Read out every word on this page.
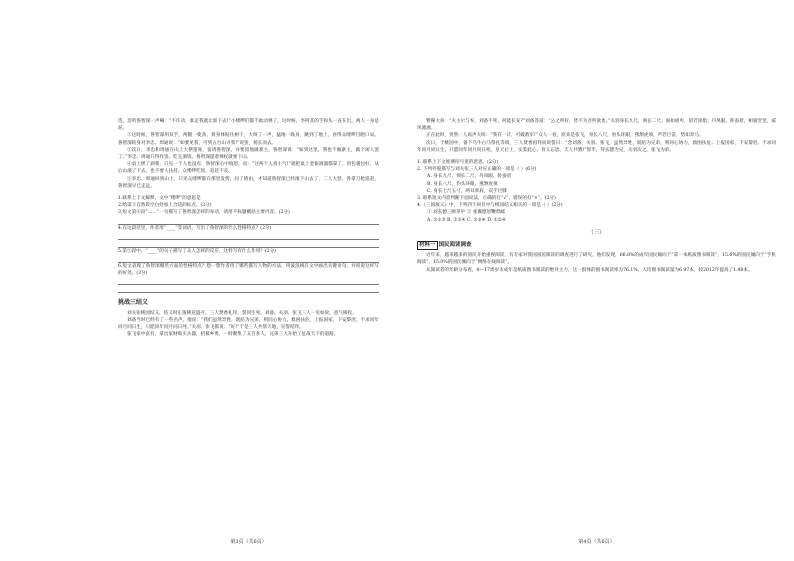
选，忽听鲁智深一声喊：“不许动，谁走我就让谁下去!”小喽啰们都不敢动弹了，这时候，李阿其的手和头一直在出，两人一身是泥。

②这时候，鲁智深用双手，两腿一使劲，将身体贴住树干，大叫了一声，猛地一纵身，跳到了地上，看得众喽啰目瞪口呆。鲁智深转身对李忠、周通说：“如要见我，可到五台山寻我!”说罢，扬长而去。

⑤次日，李忠和周通在山上大摆筵席，宴请鲁智深，并要留他做寨主。鲁智深说：“如到这里，我也不做寨主，做个闲人罢了。”李忠、周通只得作罢。吃完酒饭，鲁智深提着禅杖就要下山。

④桌上摆了酒菜，只见一个人也没有，鲁智深心中恼怒，说：“这两个人真小气!”就把桌上金银酒器都拿了，用包裹包好，从后山滚了下去，也不要人扶持。众喽啰吃惊，追赶不及。

⑤李忠、周通回到山上，只见众喽啰都在那里发愣，问了情由，才知道鲁智深已经滚下山去了，二人大怒，各拿刀枪追赶，鲁智深早已走远。

1.联系上下文解释，文中“喽啰”的意思是

2.给第②自然段空白处加上合适的标点。(3分)

3.短文第④段“……”一句描写了鲁智深怎样的举动，请用不标题概括主要内容。(2分)

4.在这段话里，作者用“____”等词语，写出了鲁智深的什么性格特点？(2分)

5.第⑤段中，“____”的句子描写了众人怎样的反应，这样写有什么作用？(2分)

6.短文表现了鲁智深哪些方面的性格特点？想一想作者用了哪些描写人物的方法，用波浪线在文中画出关键语句，并说说这样写的好处。(3分)

挑战三结义

刘关张桃园结义，结义时正值桃花盛开，三人焚香礼拜，誓同生死。刘备、关羽、张飞三人一见如故，意气相投。

刘备当时已经有了一些名声，他说：“我们虽然异姓，既结为兄弟，则同心协力，救困扶危，上报国家，下安黎庶。不求同年同月同日生，只愿同年同月同日死。”关羽、张飞都说：“好!”于是三人共祭天地，宣誓结拜。

张飞家中富有，拿出家财购买兵器，招募乡勇，一时聚集了五百多人，兄弟三人开始了征战天下的道路。

第3页（共6页）

曹操大喜：“夫主尔与弃，刘备不死，何能长安?”刘备答道：“公之所好，皆不为吾所欲也。”关羽身长九尺，须长二尺；面如重枣，唇若涂脂；丹凤眼，卧蚕眉，相貌堂堂，威风凛凛。

正在此时，突然一人高声大叫：“我有一计，可破敌军!”众人一看，原来是张飞，身长八尺，豹头环眼，燕颔虎须，声若巨雷，势如奔马。

次日，于桃园中，备下乌牛白马祭礼等项，三人焚香再拜而说誓曰：“念刘备、关羽、张飞，虽然异姓，既结为兄弟，则同心协力，救困扶危；上报国家，下安黎庶。不求同年同月同日生，只愿同年同月同日死。皇天后土，实鉴此心，背义忘恩，天人共戮!”誓毕，拜玄德为兄，关羽次之，张飞为弟。

1. 联系上下文推测括号里的意思。(2分)

2. 下列外貌描写与刘关张三人对应正确的一项是（ ）(6分)

A. 身长九尺，须长二尺，丹凤眼，卧蚕眉

B. 身长八尺，豹头环眼，燕颔虎须

C. 身长七尺五寸，两耳垂肩，双手过膝

3. 联系短文内容判断下面说法，正确的打“√”，错误的打“×”。(2分)

4.《三国演义》中，下列四个回目中与桃园结义相关的一项是（ ）(2分)

① 刘玄德三顾茅庐 ② 张翼德怒鞭督邮

A. ①②③ B. ②③④ C. ①③④ D. ①②④

（三）
材料一 国民阅读调查

近年来，越来越多的国民开始重视阅读，有专家对我国国民阅读的调查进行了研究，他们发现，66.8%的成年国民倾向于“拿一本纸质图书阅读”，15.6%的国民倾向于“手机阅读”，15.0%的国民倾向于“网络在线阅读”。

从阅读者的年龄分布看，0—17周岁未成年是纸质图书阅读的绝对主力，这一群体的图书阅读率为76.1%，人均图书阅读量为6.97本，较2012年提高了1.48本。

第4页（共6页）
